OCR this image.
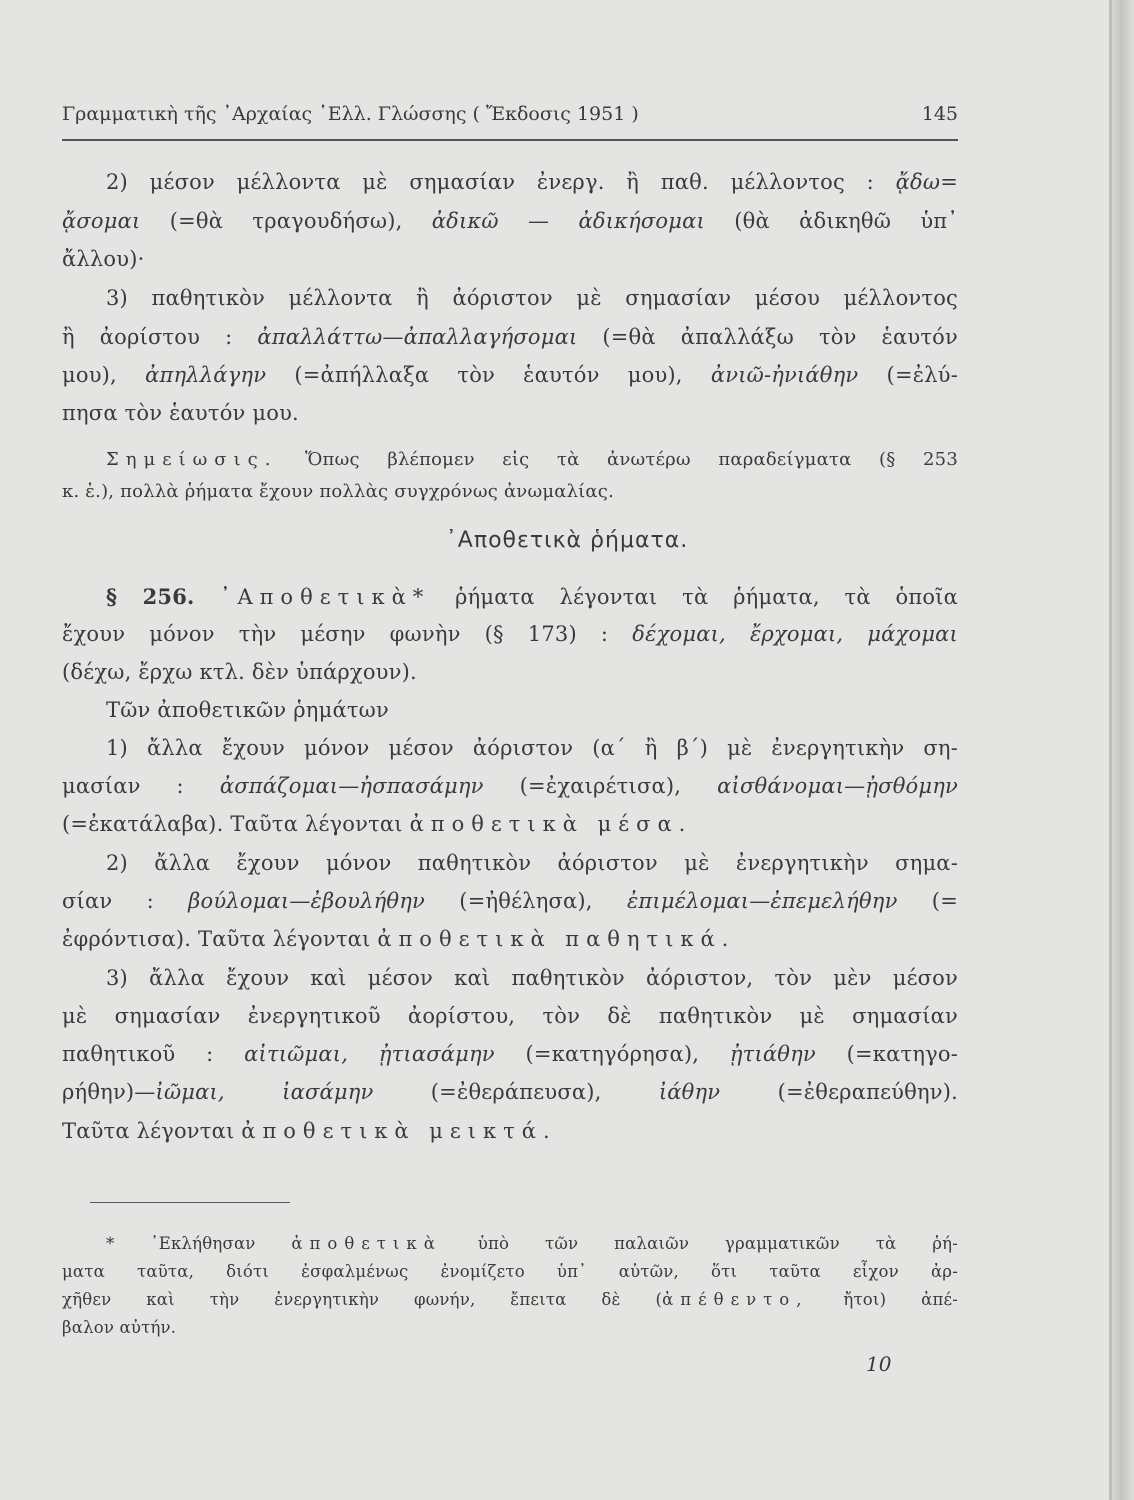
Γραμματικὴ τῆς ᾿Αρχαίας ῾Ελλ. Γλώσσης ( Ἔκδοσις 1951 )	145
2) μέσον μέλλοντα μὲ σημασίαν ἐνεργ. ἢ παθ. μέλλοντος : ᾄδω=
ᾄσομαι (=θὰ τραγουδήσω), ἀδικῶ — ἀδικήσομαι (θὰ ἀδικηθῶ ὑπ᾿
ἄλλου)·
3) παθητικὸν μέλλοντα ἢ ἀόριστον μὲ σημασίαν μέσου μέλλοντος
ἢ ἀορίστου : ἀπαλλάττω—ἀπαλλαγήσομαι (=θὰ ἀπαλλάξω τὸν ἑαυτόν
μου), ἀπηλλάγην (=ἀπήλλαξα τὸν ἑαυτόν μου), ἀνιῶ-ἠνιάθην (=ἐλύ-
πησα τὸν ἑαυτόν μου.
Σημείωσις. Ὅπως βλέπομεν εἰς τὰ ἀνωτέρω παραδείγματα (§ 253
κ. ἑ.), πολλὰ ῥήματα ἔχουν πολλὰς συγχρόνως ἀνωμαλίας.
§ 256. ᾿Αποθετικὰ* ῥήματα λέγονται τὰ ῥήματα, τὰ ὁποῖα
ἔχουν μόνον τὴν μέσην φωνὴν (§ 173) : δέχομαι, ἔρχομαι, μάχομαι
(δέχω, ἔρχω κτλ. δὲν ὑπάρχουν).
Τῶν ἀποθετικῶν ῥημάτων
1) ἄλλα ἔχουν μόνον μέσον ἀόριστον (α´ ἢ β´) μὲ ἐνεργητικὴν ση-
μασίαν : ἀσπάζομαι—ἠσπασάμην (=ἐχαιρέτισα), αἰσθάνομαι—ᾐσθόμην
(=ἐκατάλαβα). Ταῦτα λέγονται ἀποθετικὰ μέσα.
2) ἄλλα ἔχουν μόνον παθητικὸν ἀόριστον μὲ ἐνεργητικὴν σημα-
σίαν : βούλομαι—ἐβουλήθην (=ἠθέλησα), ἐπιμέλομαι—ἐπεμελήθην (=
ἐφρόντισα). Ταῦτα λέγονται ἀποθετικὰ παθητικά.
3) ἄλλα ἔχουν καὶ μέσον καὶ παθητικὸν ἀόριστον, τὸν μὲν μέσον
μὲ σημασίαν ἐνεργητικοῦ ἀορίστου, τὸν δὲ παθητικὸν μὲ σημασίαν
παθητικοῦ : αἰτιῶμαι, ᾐτιασάμην (=κατηγόρησα), ᾐτιάθην (=κατηγο-
ρήθην)—ἰῶμαι, ἰασάμην (=ἐθεράπευσα), ἰάθην (=ἐθεραπεύθην).
Ταῦτα λέγονται ἀποθετικὰ μεικτά.
᾿Αποθετικὰ ῥήματα.
* ᾿Εκλήθησαν ἀποθετικὰ ὑπὸ τῶν παλαιῶν γραμματικῶν τὰ ῥή-
ματα ταῦτα, διότι ἐσφαλμένως ἐνομίζετο ὑπ᾿ αὐτῶν, ὅτι ταῦτα εἶχον ἀρ-
χῆθεν καὶ τὴν ἐνεργητικὴν φωνήν, ἔπειτα δὲ (ἀπέθεντο, ἤτοι) ἀπέ-
βαλον αὐτήν.
10
